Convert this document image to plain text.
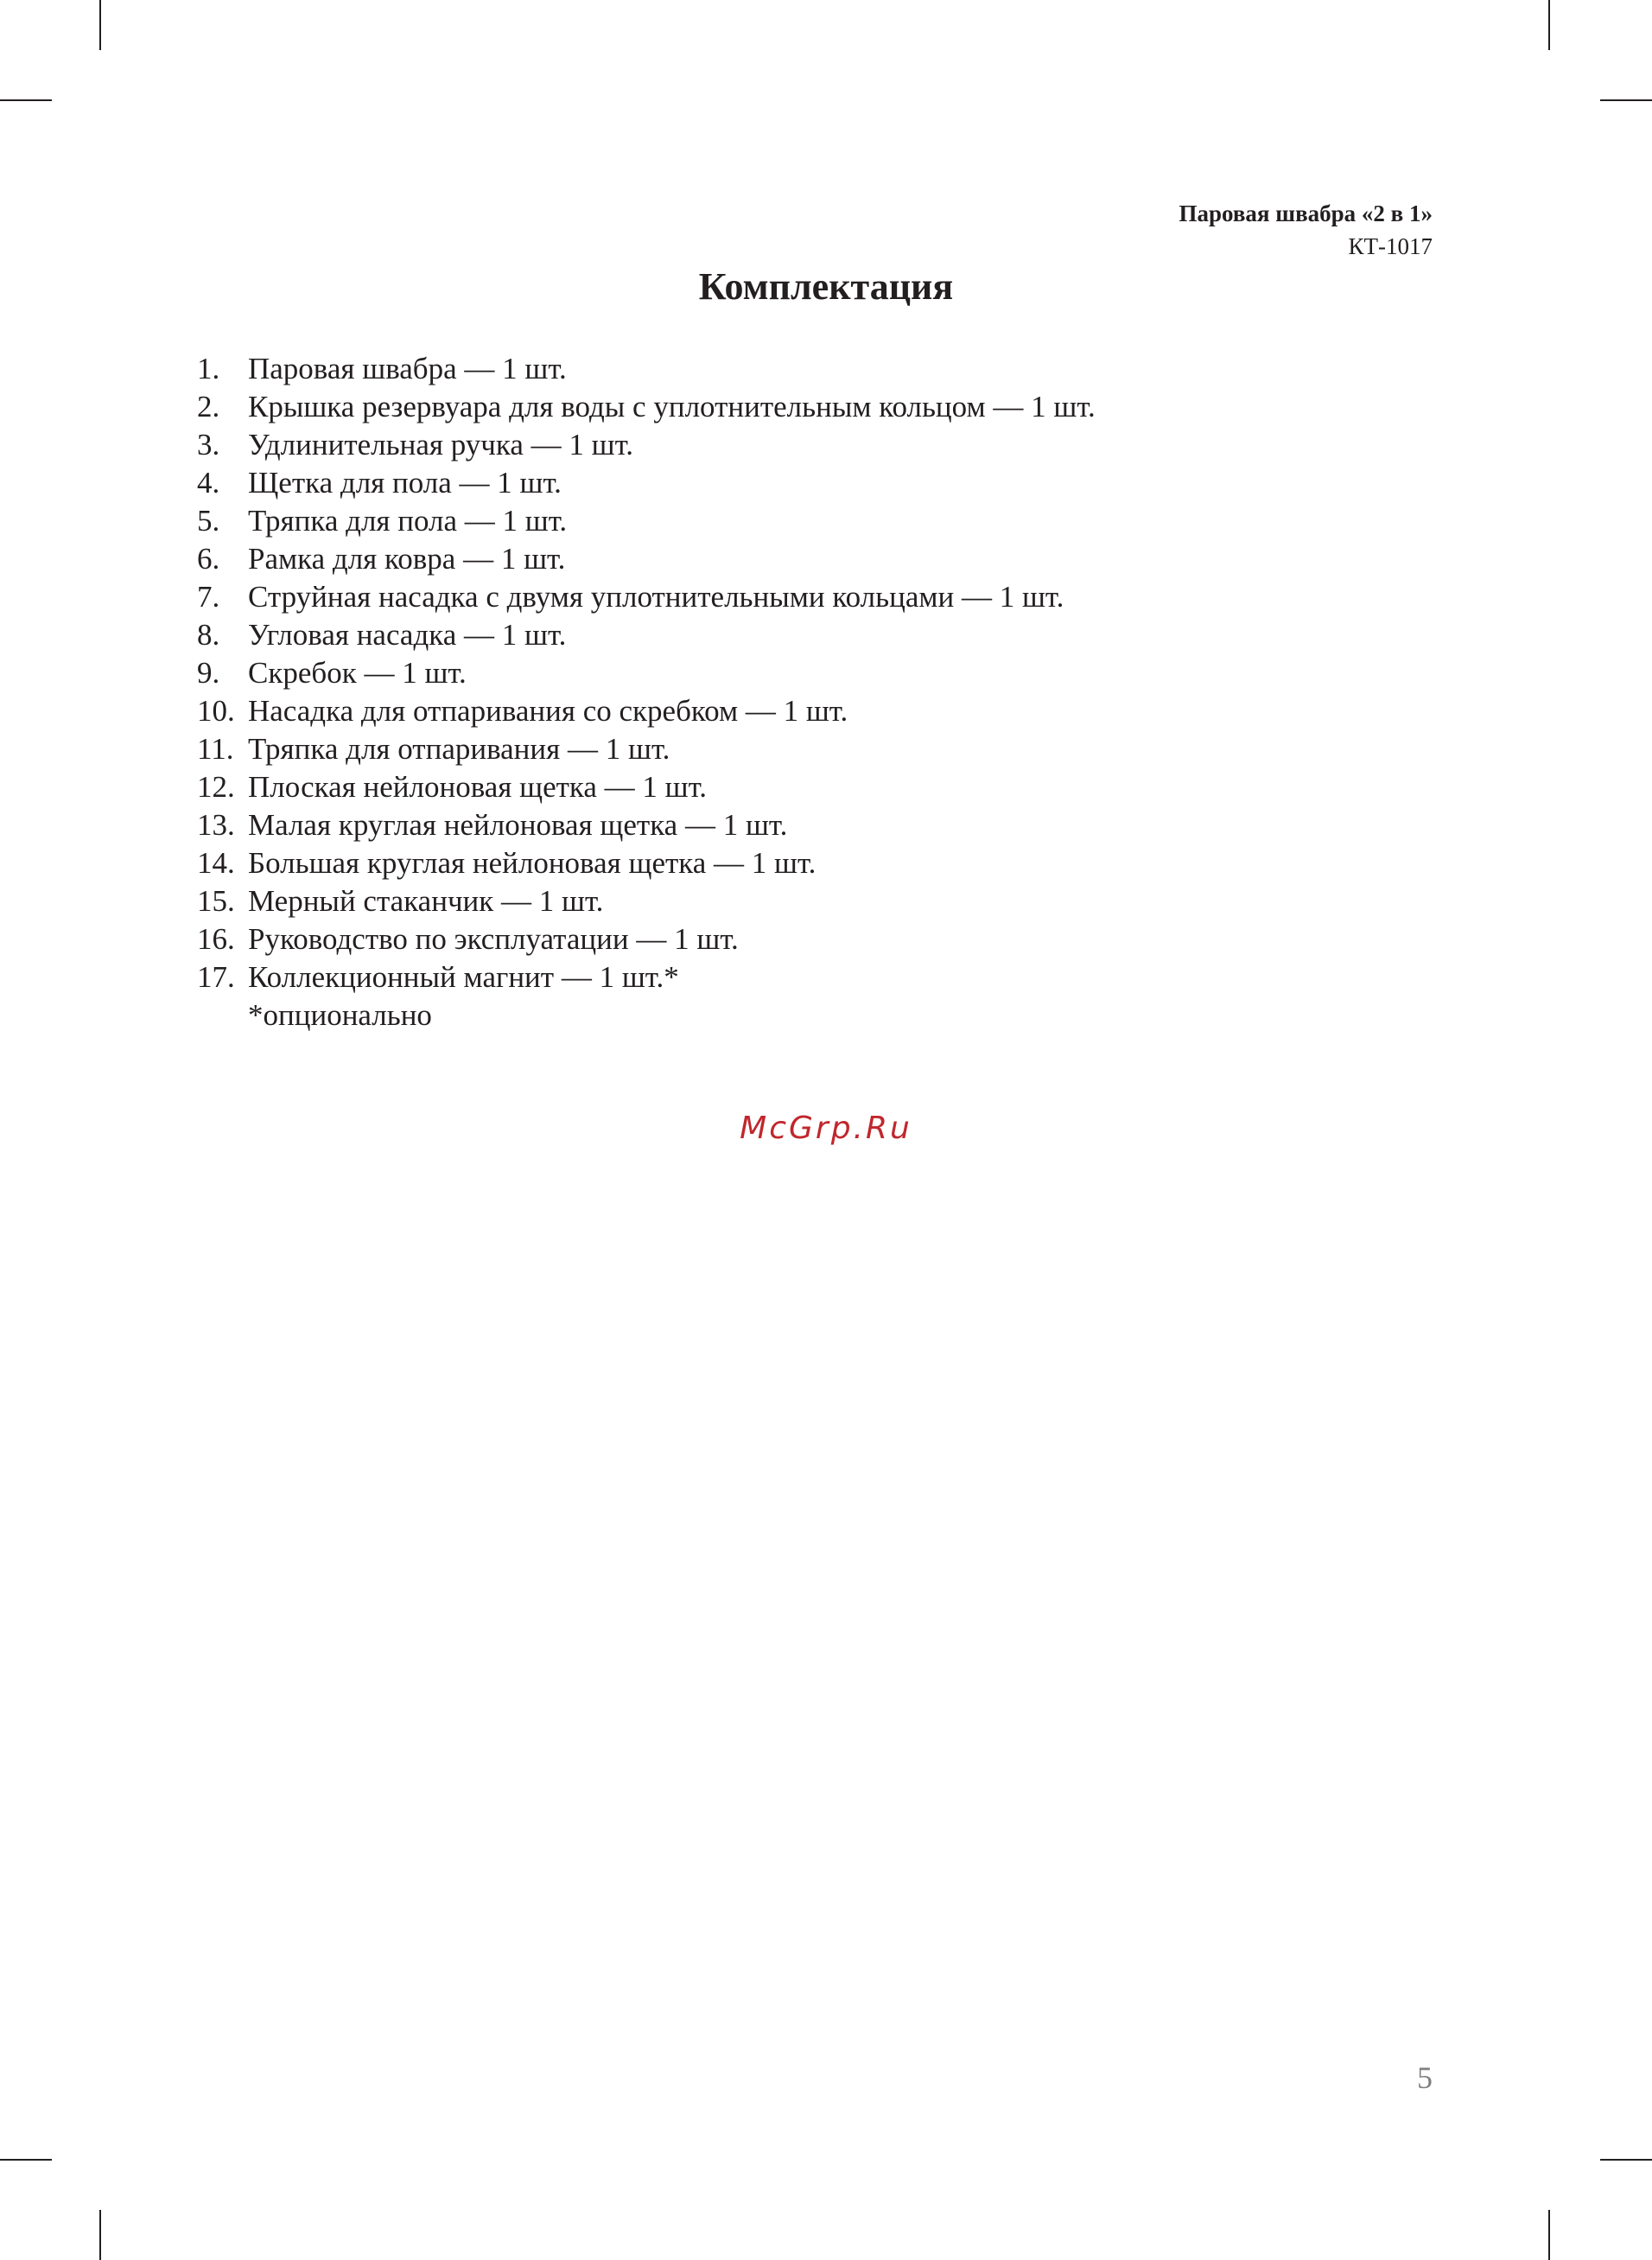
Паровая швабра «2 в 1»
КТ-1017
Комплектация
1. Паровая швабра — 1 шт.
2. Крышка резервуара для воды с уплотнительным кольцом — 1 шт.
3. Удлинительная ручка — 1 шт.
4. Щетка для пола — 1 шт.
5. Тряпка для пола — 1 шт.
6. Рамка для ковра — 1 шт.
7. Струйная насадка с двумя уплотнительными кольцами — 1 шт.
8. Угловая насадка — 1 шт.
9. Скребок — 1 шт.
10. Насадка для отпаривания со скребком — 1 шт.
11. Тряпка для отпаривания — 1 шт.
12. Плоская нейлоновая щетка — 1 шт.
13. Малая круглая нейлоновая щетка — 1 шт.
14. Большая круглая нейлоновая щетка — 1 шт.
15. Мерный стаканчик — 1 шт.
16. Руководство по эксплуатации — 1 шт.
17. Коллекционный магнит — 1 шт.*
*опционально
McGrp.Ru
5
